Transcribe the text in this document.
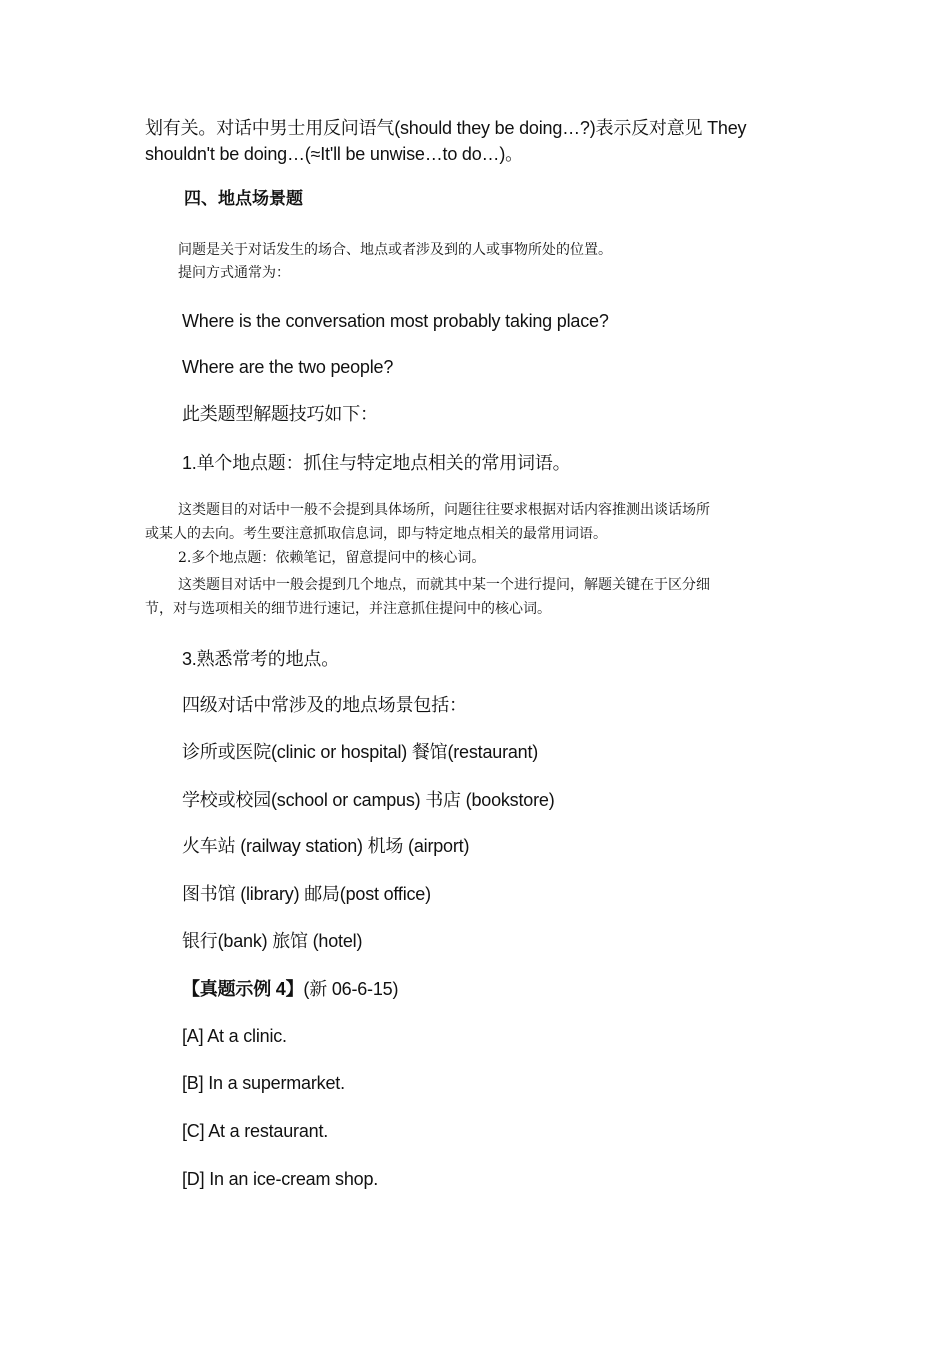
划有关。对话中男士用反问语气(should they be doing…?)表示反对意见 They
shouldn't be doing…(≈It'll be unwise…to do…)。

四、地点场景题

问题是关于对话发生的场合、地点或者涉及到的人或事物所处的位置。

提问方式通常为：

Where is the conversation most probably taking place?

Where are the two people?

此类题型解题技巧如下：

1.单个地点题：抓住与特定地点相关的常用词语。

这类题目的对话中一般不会提到具体场所，问题往往要求根据对话内容推测出谈话场所

或某人的去向。考生要注意抓取信息词，即与特定地点相关的最常用词语。

2.多个地点题：依赖笔记，留意提问中的核心词。

这类题目对话中一般会提到几个地点，而就其中某一个进行提问，解题关键在于区分细

节，对与选项相关的细节进行速记，并注意抓住提问中的核心词。

3.熟悉常考的地点。

四级对话中常涉及的地点场景包括：

诊所或医院(clinic or hospital) 餐馆(restaurant)

学校或校园(school or campus) 书店 (bookstore)

火车站 (railway station) 机场 (airport)

图书馆 (library) 邮局(post office)

银行(bank) 旅馆 (hotel)

【真题示例 4】(新 06-6-15)

[A] At a clinic.

[B] In a supermarket.

[C] At a restaurant.

[D] In an ice-cream shop.
